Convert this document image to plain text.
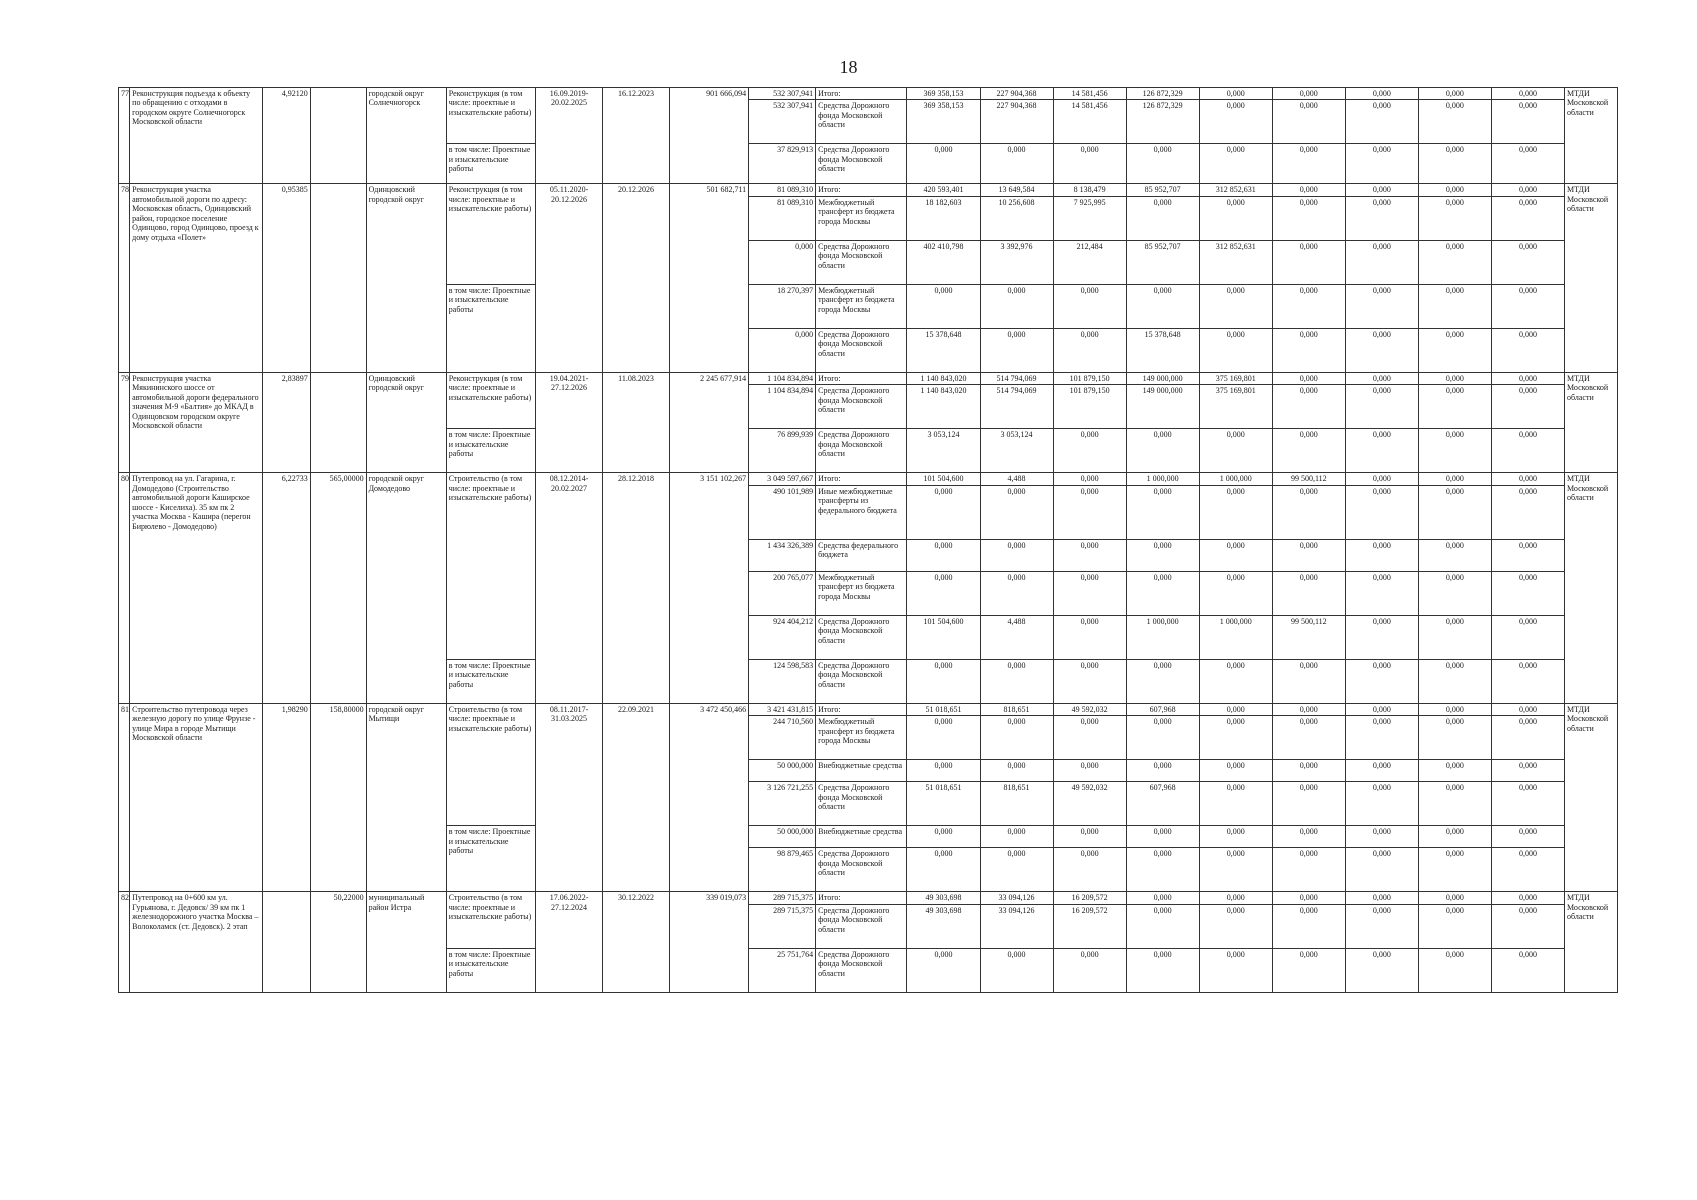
18
77	Реконструкция подъезда к объекту по обращению с отходами в городском округе Солнечногорск Московской области	4,92120		городской округ Солнечногорск	Реконструкция (в том числе: проектные и изыскательские работы)	16.09.2019-20.02.2025	16.12.2023	901 666,094	532 307,941	Итого:	369 358,153	227 904,368	14 581,456	126 872,329	0,000	0,000	0,000	0,000	0,000	МТДИ Московской области
									532 307,941	Средства Дорожного фонда Московской области	369 358,153	227 904,368	14 581,456	126 872,329	0,000	0,000	0,000	0,000	0,000	
					в том числе: Проектные и изыскательские работы				37 829,913	Средства Дорожного фонда Московской области	0,000	0,000	0,000	0,000	0,000	0,000	0,000	0,000	0,000	
78	Реконструкция участка автомобильной дороги по адресу: Московская область, Одинцовский район, городское поселение Одинцово, город Одинцово, проезд к дому отдыха «Полет»	0,95385		Одинцовский городской округ	Реконструкция (в том числе: проектные и изыскательские работы)	05.11.2020-20.12.2026	20.12.2026	501 682,711	81 089,310	Итого:	420 593,401	13 649,584	8 138,479	85 952,707	312 852,631	0,000	0,000	0,000	0,000	МТДИ Московской области
									81 089,310	Межбюджетный трансферт из бюджета города Москвы	18 182,603	10 256,608	7 925,995	0,000	0,000	0,000	0,000	0,000	0,000	
									0,000	Средства Дорожного фонда Московской области	402 410,798	3 392,976	212,484	85 952,707	312 852,631	0,000	0,000	0,000	0,000	
					в том числе: Проектные и изыскательские работы				18 270,397	Межбюджетный трансферт из бюджета города Москвы	0,000	0,000	0,000	0,000	0,000	0,000	0,000	0,000	0,000	
									0,000	Средства Дорожного фонда Московской области	15 378,648	0,000	0,000	15 378,648	0,000	0,000	0,000	0,000	0,000	
79	Реконструкция участка Мякининского шоссе от автомобильной дороги федерального значения М-9 «Балтия» до МКАД в Одинцовском городском округе Московской области	2,83897		Одинцовский городской округ	Реконструкция (в том числе: проектные и изыскательские работы)	19.04.2021-27.12.2026	11.08.2023	2 245 677,914	1 104 834,894	Итого:	1 140 843,020	514 794,069	101 879,150	149 000,000	375 169,801	0,000	0,000	0,000	0,000	МТДИ Московской области
									1 104 834,894	Средства Дорожного фонда Московской области	1 140 843,020	514 794,069	101 879,150	149 000,000	375 169,801	0,000	0,000	0,000	0,000	
					в том числе: Проектные и изыскательские работы				76 899,939	Средства Дорожного фонда Московской области	3 053,124	3 053,124	0,000	0,000	0,000	0,000	0,000	0,000	0,000	
80	Путепровод на ул. Гагарина, г. Домодедово (Строительство автомобильной дороги Каширское шоссе - Киселиха). 35 км пк 2 участка Москва - Кашира (перегон Бирюлево - Домодедово)	6,22733	565,00000	городской округ Домодедово	Строительство (в том числе: проектные и изыскательские работы)	08.12.2014-20.02.2027	28.12.2018	3 151 102,267	3 049 597,667	Итого:	101 504,600	4,488	0,000	1 000,000	1 000,000	99 500,112	0,000	0,000	0,000	МТДИ Московской области
									490 101,989	Иные межбюджетные трансферты из федерального бюджета	0,000	0,000	0,000	0,000	0,000	0,000	0,000	0,000	0,000	
									1 434 326,389	Средства федерального бюджета	0,000	0,000	0,000	0,000	0,000	0,000	0,000	0,000	0,000	
									200 765,077	Межбюджетный трансферт из бюджета города Москвы	0,000	0,000	0,000	0,000	0,000	0,000	0,000	0,000	0,000	
									924 404,212	Средства Дорожного фонда Московской области	101 504,600	4,488	0,000	1 000,000	1 000,000	99 500,112	0,000	0,000	0,000	
					в том числе: Проектные и изыскательские работы				124 598,583	Средства Дорожного фонда Московской области	0,000	0,000	0,000	0,000	0,000	0,000	0,000	0,000	0,000	
81	Строительство путепровода через железную дорогу по улице Фрунзе - улице Мира в городе Мытищи Московской области	1,98290	158,80000	городской округ Мытищи	Строительство (в том числе: проектные и изыскательские работы)	08.11.2017-31.03.2025	22.09.2021	3 472 450,466	3 421 431,815	Итого:	51 018,651	818,651	49 592,032	607,968	0,000	0,000	0,000	0,000	0,000	МТДИ Московской области
									244 710,560	Межбюджетный трансферт из бюджета города Москвы	0,000	0,000	0,000	0,000	0,000	0,000	0,000	0,000	0,000	
									50 000,000	Внебюджетные средства	0,000	0,000	0,000	0,000	0,000	0,000	0,000	0,000	0,000	
									3 126 721,255	Средства Дорожного фонда Московской области	51 018,651	818,651	49 592,032	607,968	0,000	0,000	0,000	0,000	0,000	
					в том числе: Проектные и изыскательские работы				50 000,000	Внебюджетные средства	0,000	0,000	0,000	0,000	0,000	0,000	0,000	0,000	0,000	
									98 879,465	Средства Дорожного фонда Московской области	0,000	0,000	0,000	0,000	0,000	0,000	0,000	0,000	0,000	
82	Путепровод на 0+600 км ул. Гурьянова, г. Дедовск/ 39 км пк 1 железнодорожного участка Москва – Волоколамск (ст. Дедовск). 2 этап		50,22000	муниципальный район Истра	Строительство (в том числе: проектные и изыскательские работы)	17.06.2022-27.12.2024	30.12.2022	339 019,073	289 715,375	Итого:	49 303,698	33 094,126	16 209,572	0,000	0,000	0,000	0,000	0,000	0,000	МТДИ Московской области
									289 715,375	Средства Дорожного фонда Московской области	49 303,698	33 094,126	16 209,572	0,000	0,000	0,000	0,000	0,000	0,000	
					в том числе: Проектные и изыскательские работы				25 751,764	Средства Дорожного фонда Московской области	0,000	0,000	0,000	0,000	0,000	0,000	0,000	0,000	0,000	
